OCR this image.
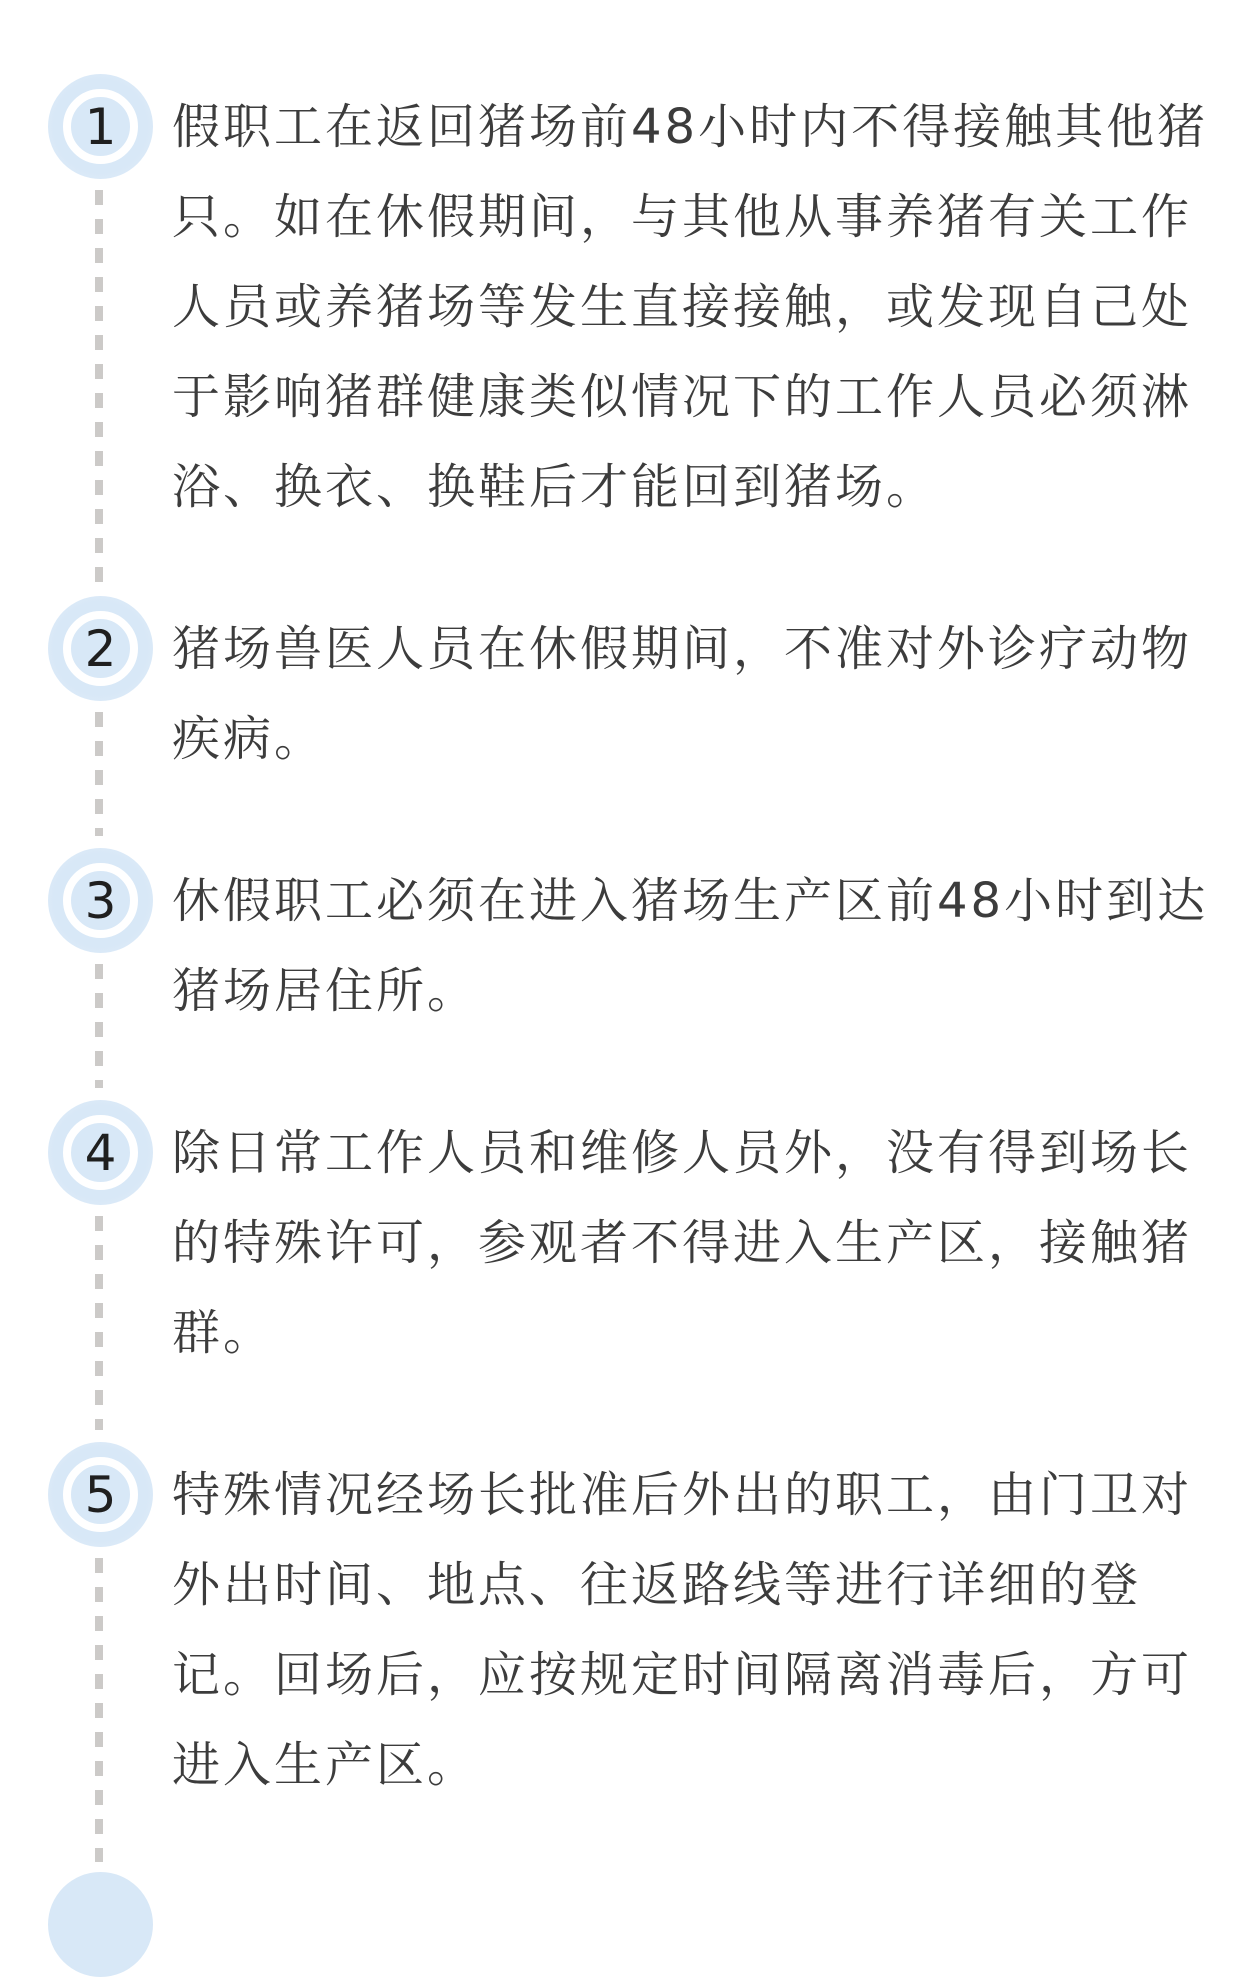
1 假职工在返回猪场前48小时内不得接触其他猪
只。如在休假期间，与其他从事养猪有关工作
人员或养猪场等发生直接接触，或发现自己处
于影响猪群健康类似情况下的工作人员必须淋
浴、换衣、换鞋后才能回到猪场。
2 猪场兽医人员在休假期间，不准对外诊疗动物
疾病。
3 休假职工必须在进入猪场生产区前48小时到达
猪场居住所。
4 除日常工作人员和维修人员外，没有得到场长
的特殊许可，参观者不得进入生产区，接触猪
群。
5 特殊情况经场长批准后外出的职工，由门卫对
外出时间、地点、往返路线等进行详细的登
记。回场后，应按规定时间隔离消毒后，方可
进入生产区。
